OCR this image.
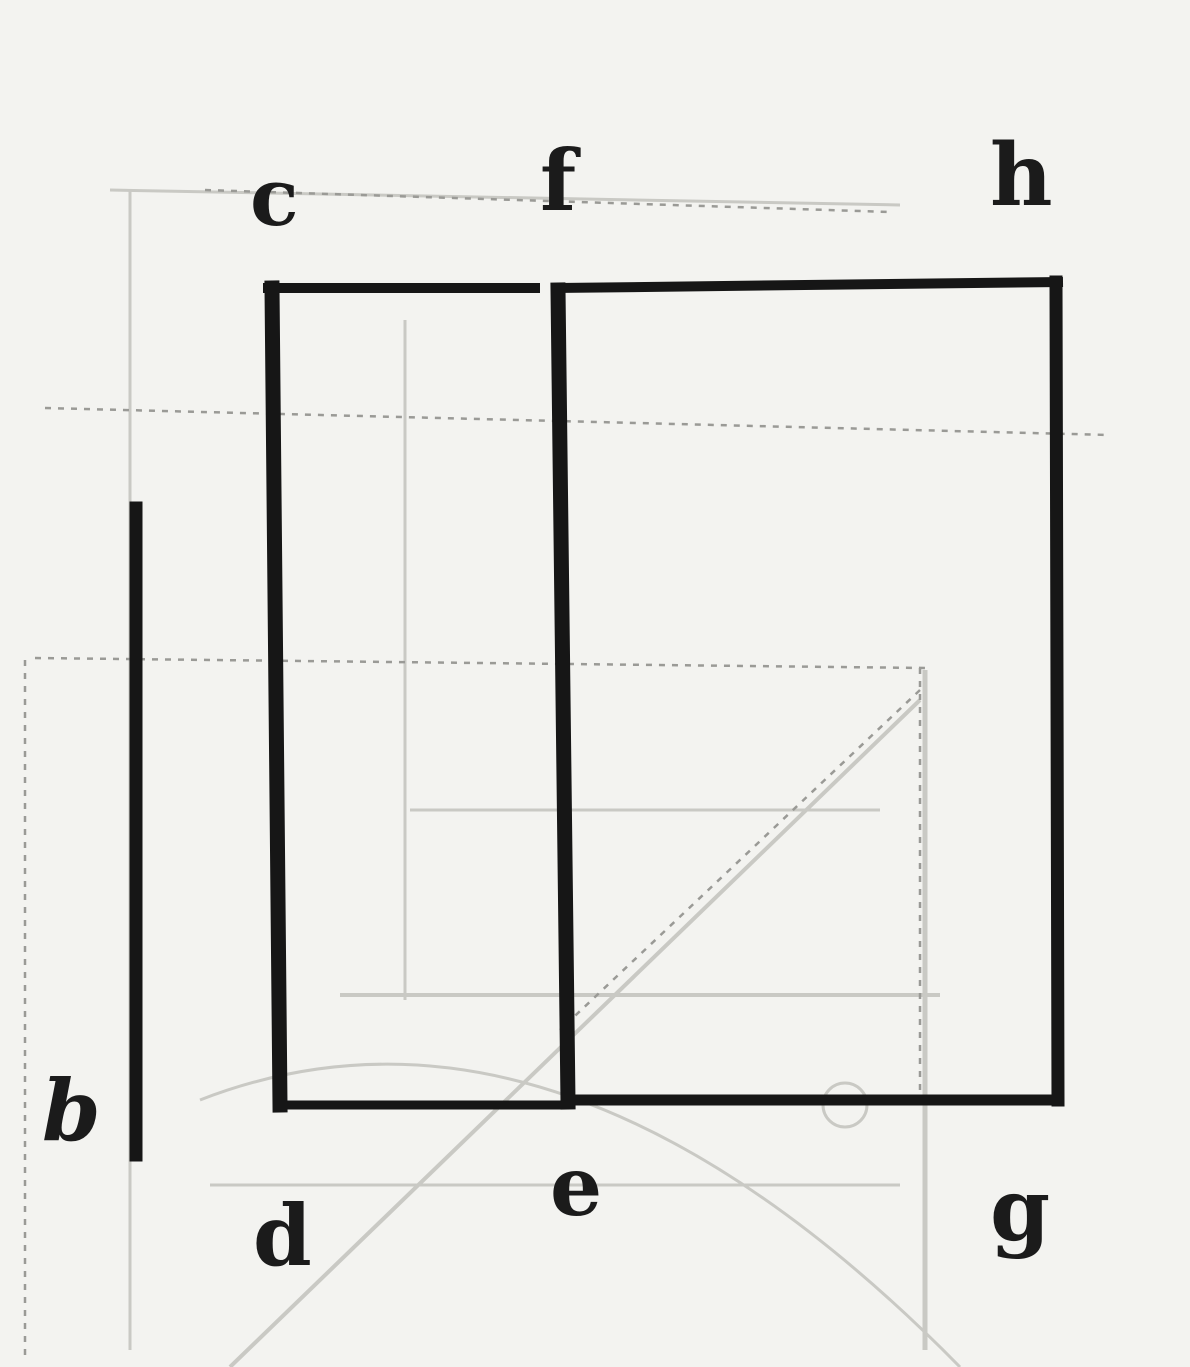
c	f	h
b
d	e	g
